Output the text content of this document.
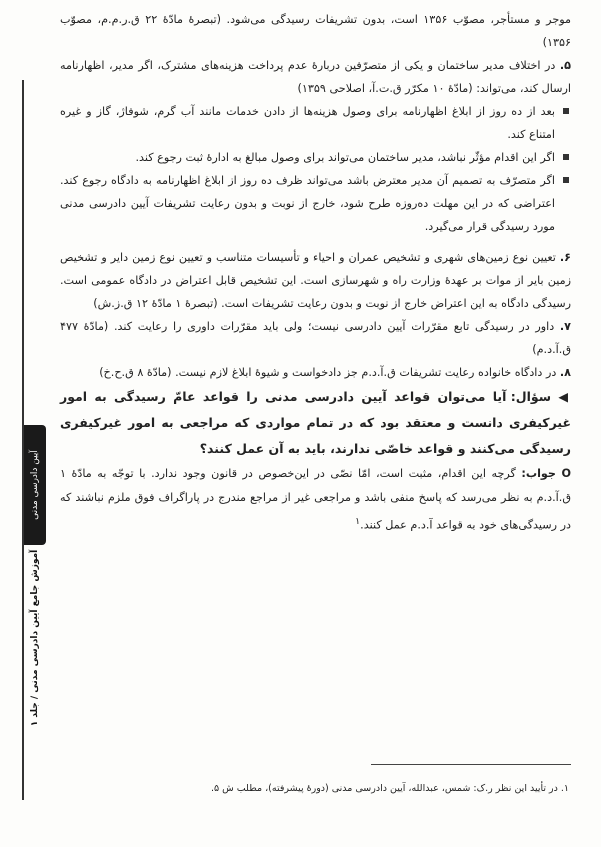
آیین دادرسی مدنی
آموزش جامع آیین دادرسی مدنی / جلد ۱

موجر و مستأجر، مصوّب ۱۳۵۶ است، بدون تشریفات رسیدگی می‌شود. (تبصرهٔ مادّهٔ ۲۲ ق.ر.م.م، مصوّب ۱۳۵۶)

۵. در اختلاف مدیر ساختمان و یکی از متصرّفین دربارهٔ عدم پرداخت هزینه‌های مشترک، اگر مدیر، اظهارنامه ارسال کند، می‌تواند: (مادّهٔ ۱۰ مکرّر ق.ت.آ، اصلاحی ۱۳۵۹)

بعد از ده روز از ابلاغ اظهارنامه برای وصول هزینه‌ها از دادن خدمات مانند آب گرم، شوفاژ، گاز و غیره امتناع کند.
اگر این اقدام مؤثّر نباشد، مدیر ساختمان می‌تواند برای وصول مبالغ به ادارهٔ ثبت رجوع کند.
اگر متصرّف به تصمیم آن مدیر معترض باشد می‌تواند ظرف ده روز از ابلاغ اظهارنامه به دادگاه رجوع کند. اعتراضی که در این مهلت ده‌روزه طرح شود، خارج از نوبت و بدون رعایت تشریفات آیین دادرسی مدنی مورد رسیدگی قرار می‌گیرد.

۶. تعیین نوع زمین‌های شهری و تشخیص عمران و احیاء و تأسیسات متناسب و تعیین نوع زمین دایر و تشخیص زمین بایر از موات بر عهدهٔ وزارت راه و شهرسازی است. این تشخیص قابل اعتراض در دادگاه عمومی است. رسیدگی دادگاه به این اعتراض خارج از نوبت و بدون رعایت تشریفات است. (تبصرهٔ ۱ مادّهٔ ۱۲ ق.ز.ش)

۷. داور در رسیدگی تابع مقرّرات آیین دادرسی نیست؛ ولی باید مقرّرات داوری را رعایت کند. (مادّهٔ ۴۷۷ ق.آ.د.م)

۸. در دادگاه خانواده رعایت تشریفات ق.آ.د.م جز دادخواست و شیوهٔ ابلاغ لازم نیست. (مادّهٔ ۸ ق.ح.خ)

◀ سؤال: آیا می‌توان قواعد آیین دادرسی مدنی را قواعد عامّ رسیدگی به امور غیرکیفری دانست و معتقد بود که در تمام مواردی که مراجعی به امور غیرکیفری رسیدگی می‌کنند و قواعد خاصّی ندارند، باید به آن عمل کنند؟

O جواب: گرچه این اقدام، مثبت است، امّا نصّی در این‌خصوص در قانون وجود ندارد. با توجّه به مادّهٔ ۱ ق.آ.د.م به نظر می‌رسد که پاسخ منفی باشد و مراجعی غیر از مراجع مندرج در پاراگراف فوق ملزم نباشند که در رسیدگی‌های خود به قواعد آ.د.م عمل کنند.$^۱$

۱. در تأیید این نظر ر.ک: شمس، عبدالله، آیین دادرسی مدنی (دورهٔ پیشرفته)، مطلب ش ۵.
